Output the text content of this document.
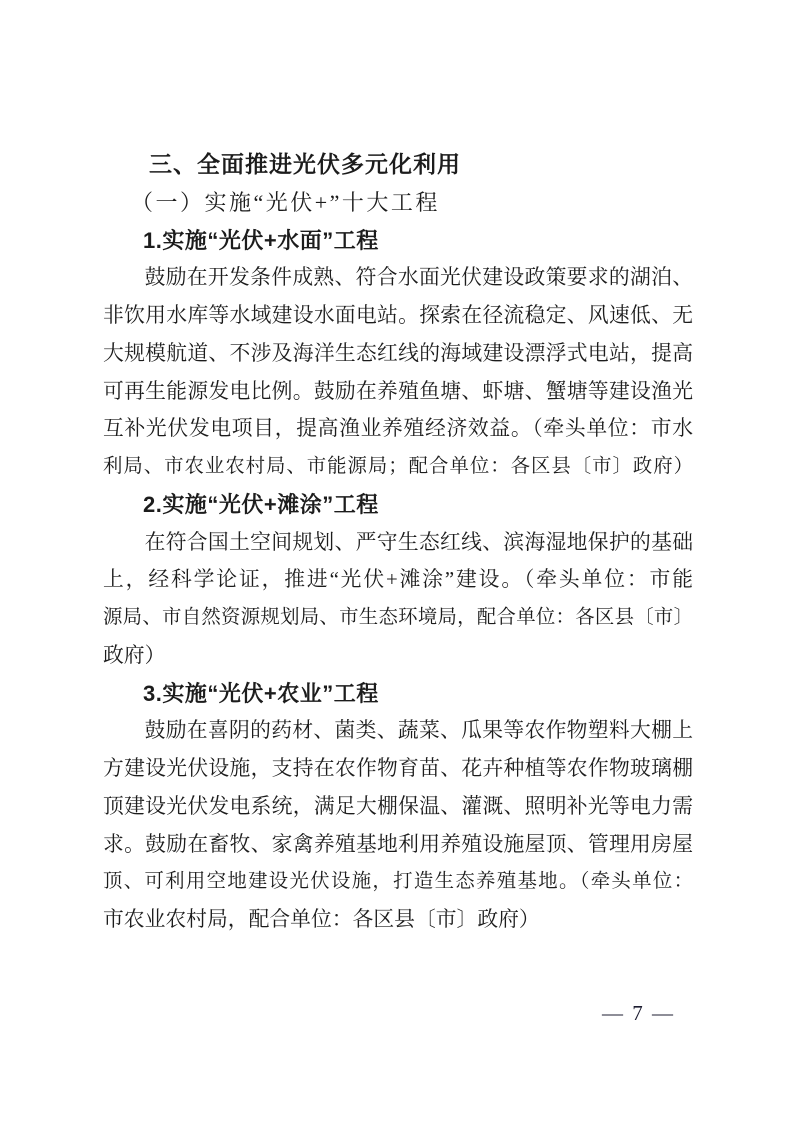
三、全面推进光伏多元化利用
（一）实施“光伏+”十大工程
1.实施“光伏+水面”工程
鼓励在开发条件成熟、符合水面光伏建设政策要求的湖泊、
非饮用水库等水域建设水面电站。探索在径流稳定、风速低、无
大规模航道、不涉及海洋生态红线的海域建设漂浮式电站，提高
可再生能源发电比例。鼓励在养殖鱼塘、虾塘、蟹塘等建设渔光
互补光伏发电项目，提高渔业养殖经济效益。（牵头单位：市水
利局、市农业农村局、市能源局；配合单位：各区县〔市〕政府）
2.实施“光伏+滩涂”工程
在符合国土空间规划、严守生态红线、滨海湿地保护的基础
上，经科学论证，推进“光伏+滩涂”建设。（牵头单位：市能
源局、市自然资源规划局、市生态环境局，配合单位：各区县〔市〕
政府）
3.实施“光伏+农业”工程
鼓励在喜阴的药材、菌类、蔬菜、瓜果等农作物塑料大棚上
方建设光伏设施，支持在农作物育苗、花卉种植等农作物玻璃棚
顶建设光伏发电系统，满足大棚保温、灌溉、照明补光等电力需
求。鼓励在畜牧、家禽养殖基地利用养殖设施屋顶、管理用房屋
顶、可利用空地建设光伏设施，打造生态养殖基地。（牵头单位：
市农业农村局，配合单位：各区县〔市〕政府）
— 7 —
